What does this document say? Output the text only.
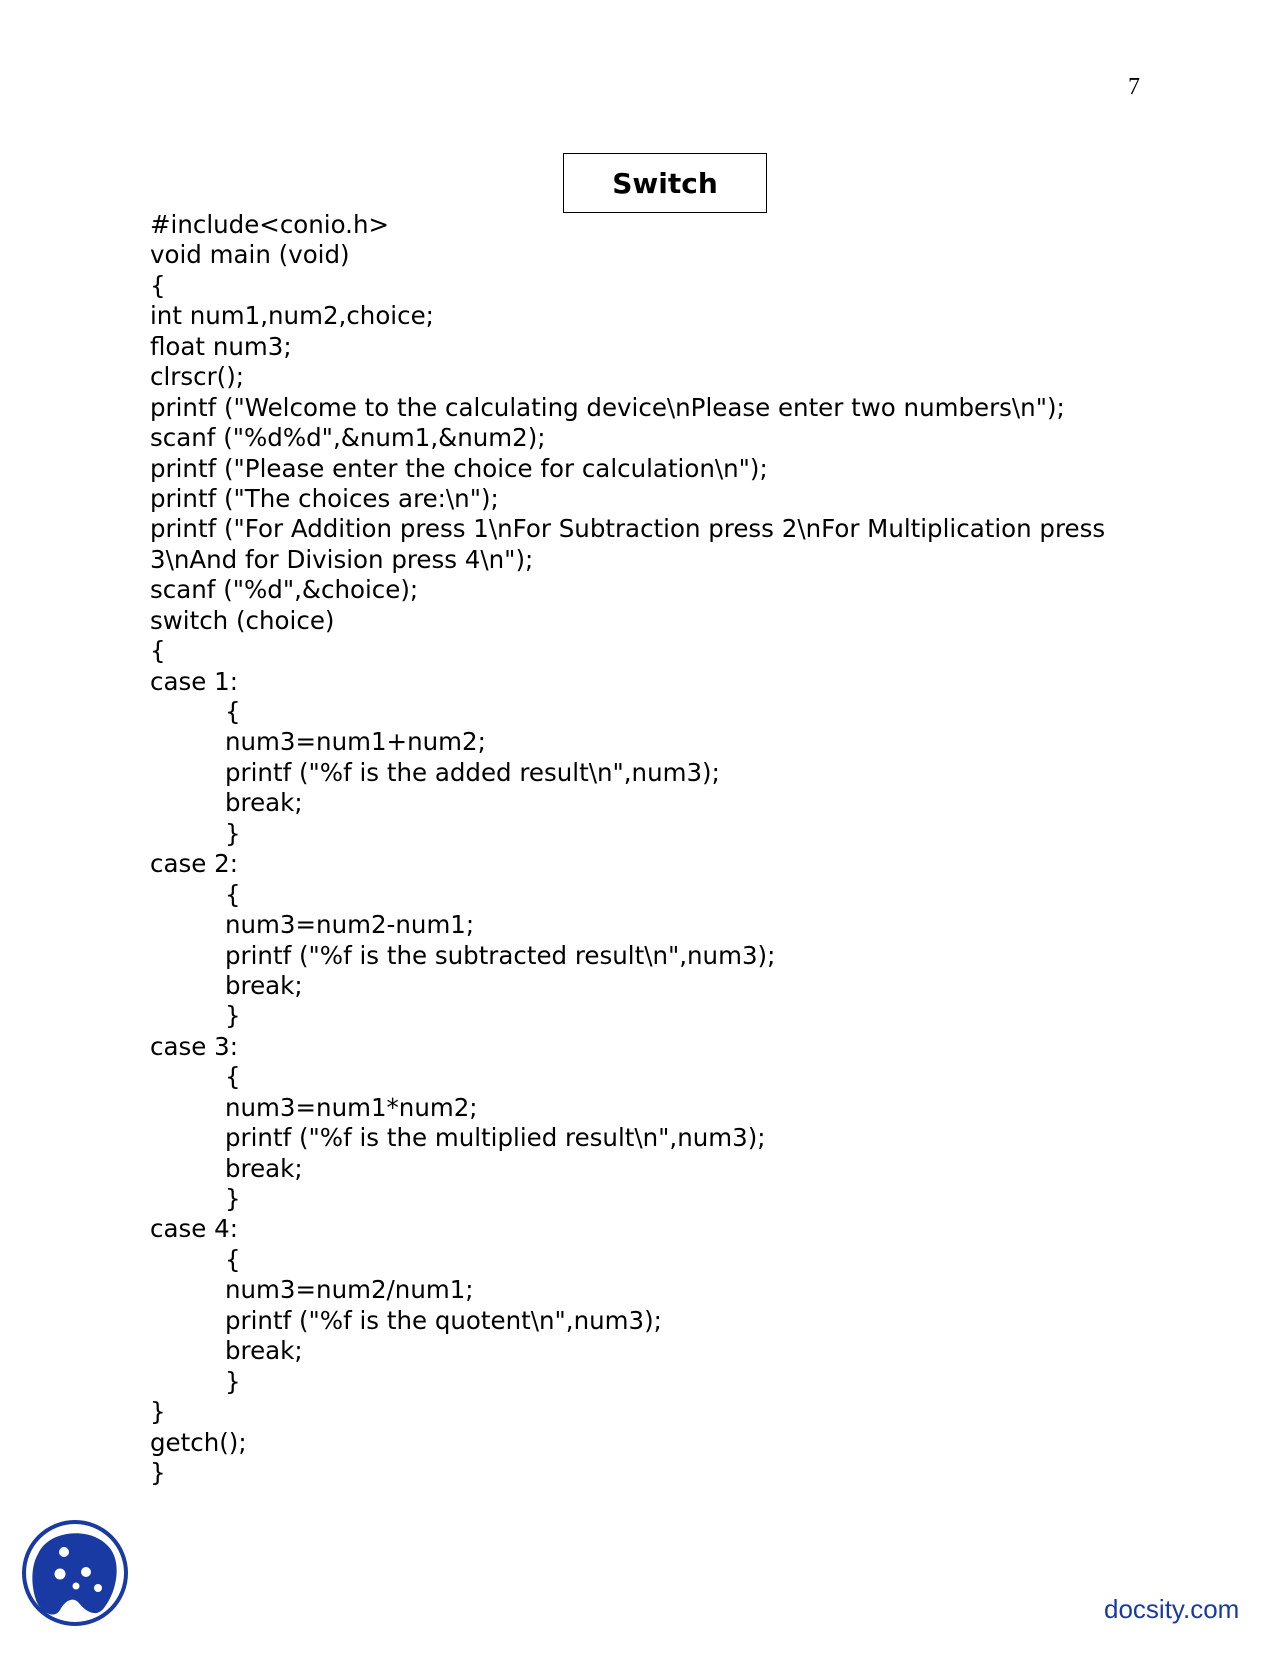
7
Switch
#include<conio.h>
void main (void)
{
int num1,num2,choice;
float num3;
clrscr();
printf ("Welcome to the calculating device\nPlease enter two numbers\n");
scanf ("%d%d",&num1,&num2);
printf ("Please enter the choice for calculation\n");
printf ("The choices are:\n");
printf ("For Addition press 1\nFor Subtraction press 2\nFor Multiplication press
3\nAnd for Division press 4\n");
scanf ("%d",&choice);
switch (choice)
{
case 1:
{
num3=num1+num2;
printf ("%f is the added result\n",num3);
break;
}
case 2:
{
num3=num2-num1;
printf ("%f is the subtracted result\n",num3);
break;
}
case 3:
{
num3=num1*num2;
printf ("%f is the multiplied result\n",num3);
break;
}
case 4:
{
num3=num2/num1;
printf ("%f is the quotent\n",num3);
break;
}
}
getch();
}
docsity.com
